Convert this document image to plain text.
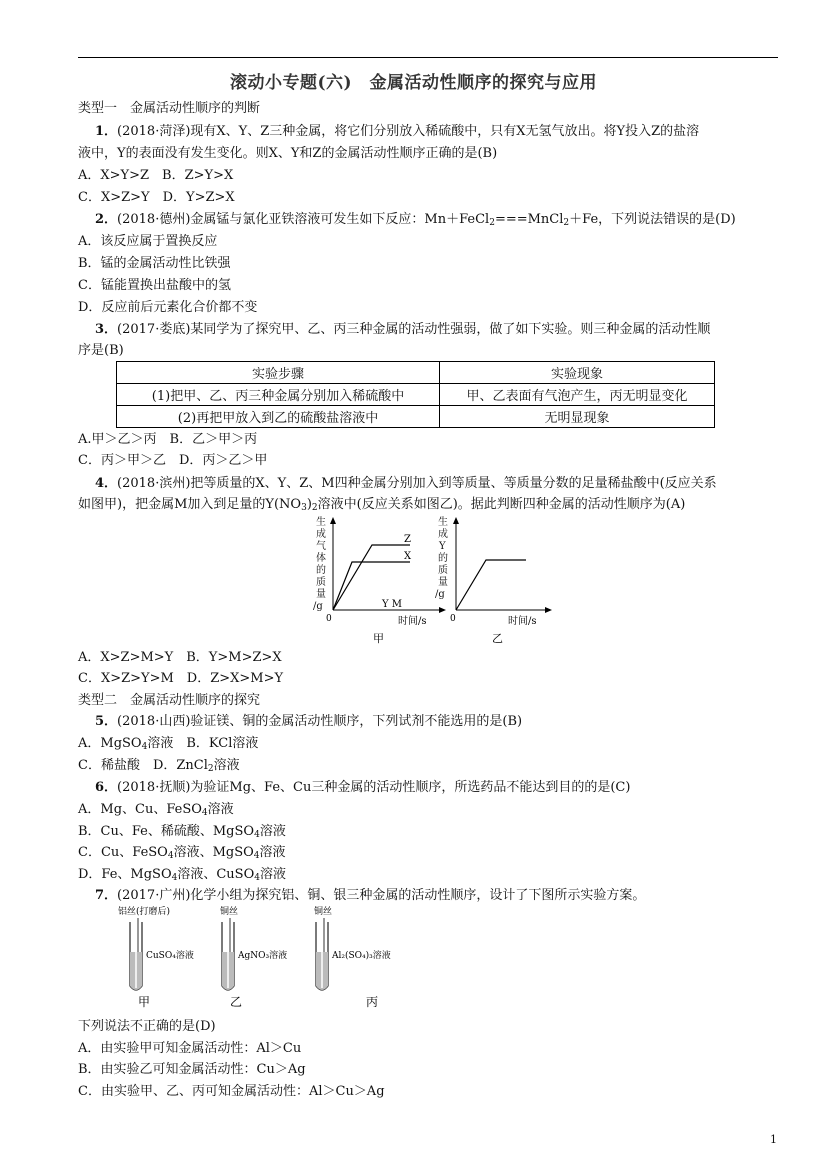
滚动小专题(六)　金属活动性顺序的探究与应用
类型一　金属活动性顺序的判断
1．(2018·菏泽)现有X、Y、Z三种金属，将它们分别放入稀硫酸中，只有X无氢气放出。将Y投入Z的盐溶
液中，Y的表面没有发生变化。则X、Y和Z的金属活动性顺序正确的是(B)
A．X>Y>Z　B．Z>Y>X
C．X>Z>Y　D．Y>Z>X
2．(2018·德州)金属锰与氯化亚铁溶液可发生如下反应：Mn＋FeCl$_2$===MnCl$_2$＋Fe，下列说法错误的是(D)
A．该反应属于置换反应
B．锰的金属活动性比铁强
C．锰能置换出盐酸中的氢
D．反应前后元素化合价都不变
3．(2017·娄底)某同学为了探究甲、乙、丙三种金属的活动性强弱，做了如下实验。则三种金属的活动性顺
序是(B)
实验步骤	实验现象
(1)把甲、乙、丙三种金属分别加入稀硫酸中	甲、乙表面有气泡产生，丙无明显变化
(2)再把甲放入到乙的硫酸盐溶液中	无明显现象
A.甲＞乙＞丙　B．乙＞甲＞丙
C．丙＞甲＞乙　D．丙＞乙＞甲
4．(2018·滨州)把等质量的X、Y、Z、M四种金属分别加入到等质量、等质量分数的足量稀盐酸中(反应关系
如图甲)，把金属M加入到足量的$Y(NO_3)_2$溶液中(反应关系如图乙)。据此判断四种金属的活动性顺序为(A)
生
成
气
体
的
质
量
/g
Z
X
Y M
0	时间/s
甲
生
成
Y
的
质
量
/g
0	时间/s
乙
A．X>Z>M>Y　B．Y>M>Z>X
C．X>Z>Y>M　D．Z>X>M>Y
类型二　金属活动性顺序的探究
5．(2018·山西)验证镁、铜的金属活动性顺序，下列试剂不能选用的是(B)
A．MgSO$_4$溶液　B．KCl溶液
C．稀盐酸　D．ZnCl$_2$溶液
6．(2018·抚顺)为验证Mg、Fe、Cu三种金属的活动性顺序，所选药品不能达到目的的是(C)
A．Mg、Cu、FeSO$_4$溶液
B．Cu、Fe、稀硫酸、MgSO$_4$溶液
C．Cu、FeSO$_4$溶液、MgSO$_4$溶液
D．Fe、MgSO$_4$溶液、CuSO$_4$溶液
7．(2017·广州)化学小组为探究铝、铜、银三种金属的活动性顺序，设计了下图所示实验方案。
铝丝(打磨后)
CuSO₄溶液
甲
铜丝
AgNO₃溶液
乙
铜丝
Al₂(SO₄)₃溶液
丙
下列说法不正确的是(D)
A．由实验甲可知金属活动性：Al＞Cu
B．由实验乙可知金属活动性：Cu＞Ag
C．由实验甲、乙、丙可知金属活动性：Al＞Cu＞Ag
1
